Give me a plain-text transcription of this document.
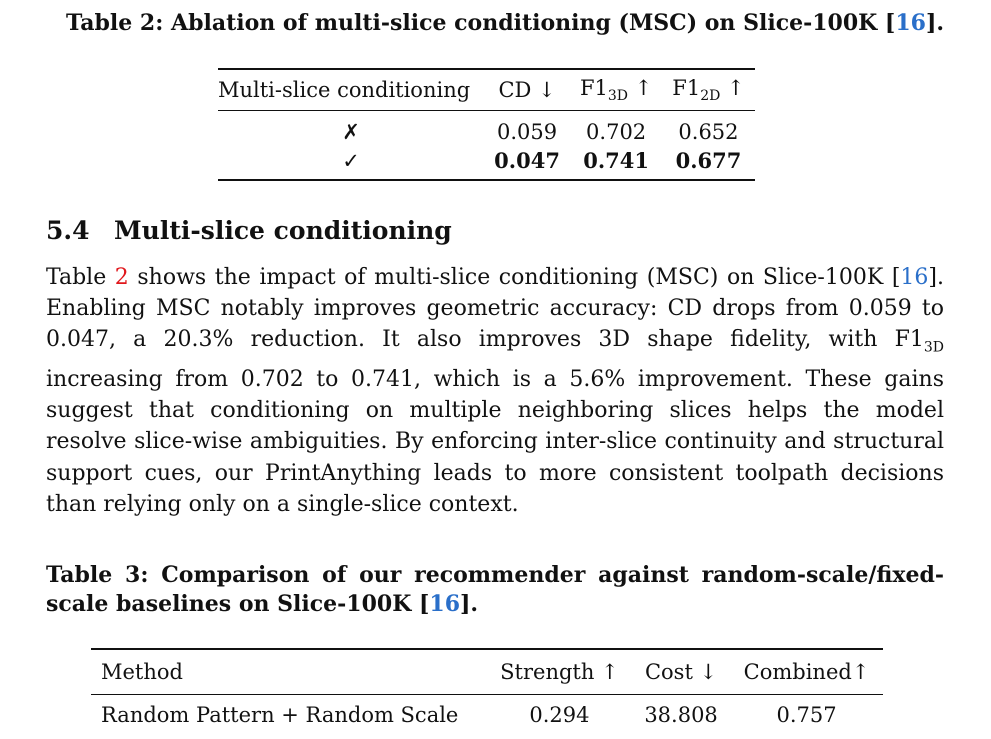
Table 2: Ablation of multi-slice conditioning (MSC) on Slice-100K [16].
Multi-slice conditioning	CD ↓	$F1_{3D}$ ↑	$F1_{2D}$ ↑
✗	0.059	0.702	0.652
✓	0.047	0.741	0.677
5.4 Multi-slice conditioning

Table 2 shows the impact of multi-slice conditioning (MSC) on Slice-100K [16]. Enabling MSC notably improves geometric accuracy: CD drops from 0.059 to 0.047, a 20.3% reduction. It also improves 3D shape fidelity, with $F1_{3D}$ increasing from 0.702 to 0.741, which is a 5.6% improvement. These gains suggest that conditioning on multiple neighboring slices helps the model resolve slice-wise ambiguities. By enforcing inter-slice continuity and structural support cues, our PrintAnything leads to more consistent toolpath decisions than relying only on a single-slice context.

Table 3: Comparison of our recommender against random-scale/fixed-scale baselines on Slice-100K [16].
Method	Strength ↑	Cost ↓	Combined↑
Random Pattern + Random Scale	0.294	38.808	0.757
